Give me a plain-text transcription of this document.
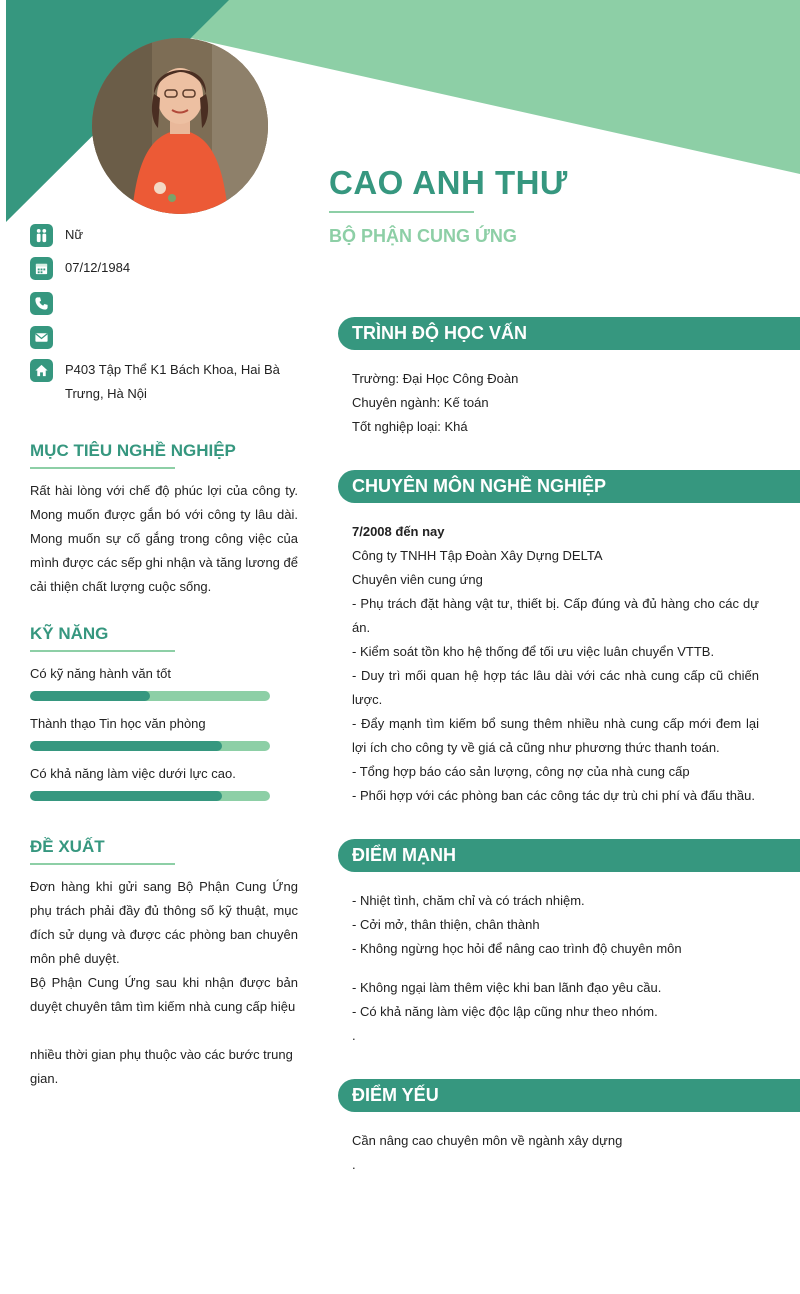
CAO ANH THƯ
BỘ PHẬN CUNG ỨNG
Nữ
07/12/1984
P403 Tập Thể K1 Bách Khoa, Hai Bà Trưng, Hà Nội
MỤC TIÊU NGHỀ NGHIỆP
Rất hài lòng với chế độ phúc lợi của công ty. Mong muốn được gắn bó với công ty lâu dài. Mong muốn sự cố gắng trong công việc của mình được các sếp ghi nhận và tăng lương để cải thiện chất lượng cuộc sống.
KỸ NĂNG
Có kỹ năng hành văn tốt
Thành thạo Tin học văn phòng
Có khả năng làm việc dưới lực cao.
ĐỀ XUẤT
Đơn hàng khi gửi sang Bộ Phận Cung Ứng phụ trách phải đầy đủ thông số kỹ thuật, mục đích sử dụng và được các phòng ban chuyên môn phê duyệt.
Bộ Phận Cung Ứng sau khi nhận được bản duyệt chuyên tâm tìm kiếm nhà cung cấp hiệu
nhiều thời gian phụ thuộc vào các bước trung gian.
TRÌNH ĐỘ HỌC VẤN
Trường: Đại Học Công Đoàn
Chuyên ngành: Kế toán
Tốt nghiệp loại: Khá
CHUYÊN MÔN NGHỀ NGHIỆP
7/2008 đến nay
Công ty TNHH Tập Đoàn Xây Dựng DELTA
Chuyên viên cung ứng
- Phụ trách đặt hàng vật tư, thiết bị. Cấp đúng và đủ hàng cho các dự án.
- Kiểm soát tồn kho hệ thống để tối ưu việc luân chuyển VTTB.
- Duy trì mối quan hệ hợp tác lâu dài với các nhà cung cấp cũ chiến lược.
- Đẩy mạnh tìm kiếm bổ sung thêm nhiều nhà cung cấp mới đem lại lợi ích cho công ty về giá cả cũng như phương thức thanh toán.
- Tổng hợp báo cáo sản lượng, công nợ của nhà cung cấp
- Phối hợp với các phòng ban các công tác dự trù chi phí và đấu thầu.
ĐIỂM MẠNH
- Nhiệt tình, chăm chỉ và có trách nhiệm.
- Cởi mở, thân thiện, chân thành
- Không ngừng học hỏi để nâng cao trình độ chuyên môn
- Không ngại làm thêm việc khi ban lãnh đạo yêu cầu.
- Có khả năng làm việc độc lập cũng như theo nhóm.
.
ĐIỂM YẾU
Cần nâng cao chuyên môn về ngành xây dựng
.
